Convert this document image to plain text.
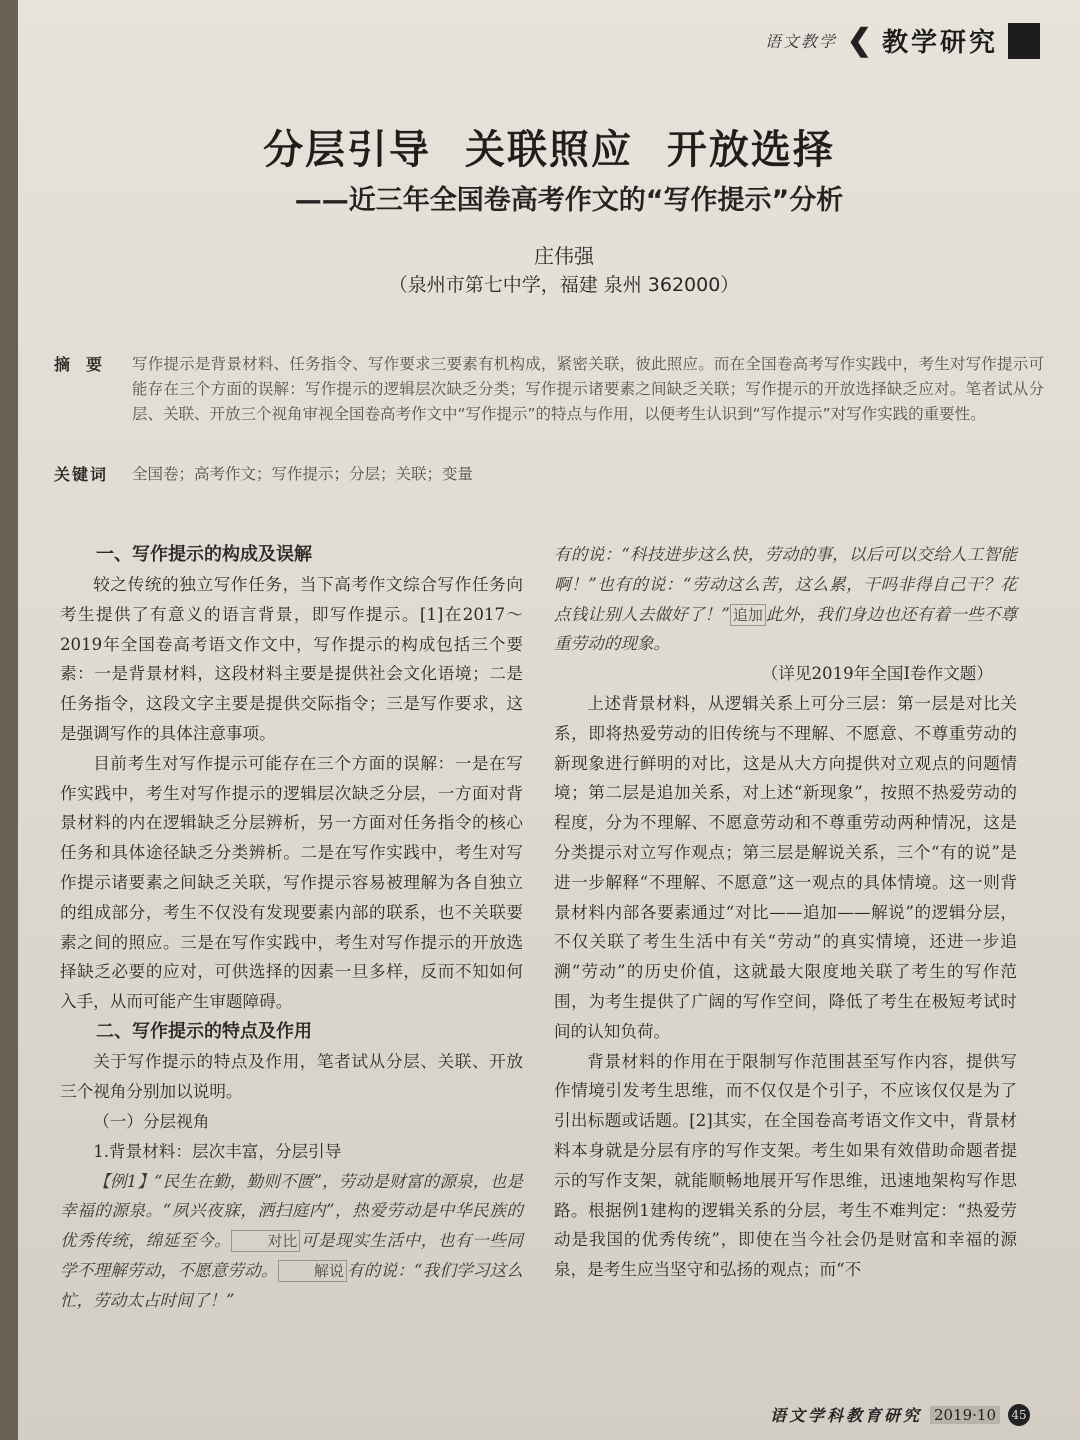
语文教学 ❮ 教学研究
分层引导 关联照应 开放选择
——近三年全国卷高考作文的“写作提示”分析
庄伟强
（泉州市第七中学，福建 泉州 362000）
摘要 写作提示是背景材料、任务指令、写作要求三要素有机构成，紧密关联，彼此照应。而在全国卷高考写作实践中，考生对写作提示可能存在三个方面的误解：写作提示的逻辑层次缺乏分类；写作提示诸要素之间缺乏关联；写作提示的开放选择缺乏应对。笔者试从分层、关联、开放三个视角审视全国卷高考作文中“写作提示”的特点与作用，以便考生认识到“写作提示”对写作实践的重要性。
关键词	全国卷；高考作文；写作提示；分层；关联；变量
一、写作提示的构成及误解

较之传统的独立写作任务，当下高考作文综合写作任务向考生提供了有意义的语言背景，即写作提示。[1]在2017～2019年全国卷高考语文作文中，写作提示的构成包括三个要素：一是背景材料，这段材料主要是提供社会文化语境；二是任务指令，这段文字主要是提供交际指令；三是写作要求，这是强调写作的具体注意事项。

目前考生对写作提示可能存在三个方面的误解：一是在写作实践中，考生对写作提示的逻辑层次缺乏分层，一方面对背景材料的内在逻辑缺乏分层辨析，另一方面对任务指令的核心任务和具体途径缺乏分类辨析。二是在写作实践中，考生对写作提示诸要素之间缺乏关联，写作提示容易被理解为各自独立的组成部分，考生不仅没有发现要素内部的联系，也不关联要素之间的照应。三是在写作实践中，考生对写作提示的开放选择缺乏必要的应对，可供选择的因素一旦多样，反而不知如何入手，从而可能产生审题障碍。

二、写作提示的特点及作用

关于写作提示的特点及作用，笔者试从分层、关联、开放三个视角分别加以说明。

（一）分层视角
1.背景材料：层次丰富，分层引导

【例1】“民生在勤，勤则不匮”，劳动是财富的源泉，也是幸福的源泉。“夙兴夜寐，洒扫庭内”，热爱劳动是中华民族的优秀传统，绵延至今。 对比 可是现实生活中，也有一些同学不理解劳动，不愿意劳动。 解说 有的说：“我们学习这么忙，劳动太占时间了！”

有的说：“科技进步这么快，劳动的事，以后可以交给人工智能啊！”也有的说：“劳动这么苦，这么累，干吗非得自己干？花点钱让别人去做好了！” 追加 此外，我们身边也还有着一些不尊重劳动的现象。

（详见2019年全国Ⅰ卷作文题）

上述背景材料，从逻辑关系上可分三层：第一层是对比关系，即将热爱劳动的旧传统与不理解、不愿意、不尊重劳动的新现象进行鲜明的对比，这是从大方向提供对立观点的问题情境；第二层是追加关系，对上述“新现象”，按照不热爱劳动的程度，分为不理解、不愿意劳动和不尊重劳动两种情况，这是分类提示对立写作观点；第三层是解说关系，三个“有的说”是进一步解释“不理解、不愿意”这一观点的具体情境。这一则背景材料内部各要素通过“对比——追加——解说”的逻辑分层，不仅关联了考生生活中有关“劳动”的真实情境，还进一步追溯“劳动”的历史价值，这就最大限度地关联了考生的写作范围，为考生提供了广阔的写作空间，降低了考生在极短考试时间的认知负荷。

背景材料的作用在于限制写作范围甚至写作内容，提供写作情境引发考生思维，而不仅仅是个引子，不应该仅仅是为了引出标题或话题。[2]其实，在全国卷高考语文作文中，背景材料本身就是分层有序的写作支架。考生如果有效借助命题者提示的写作支架，就能顺畅地展开写作思维，迅速地架构写作思路。根据例1建构的逻辑关系的分层，考生不难判定：“热爱劳动是我国的优秀传统”，即使在当今社会仍是财富和幸福的源泉，是考生应当坚守和弘扬的观点；而“不

语文学科教育研究 2019·10	45
